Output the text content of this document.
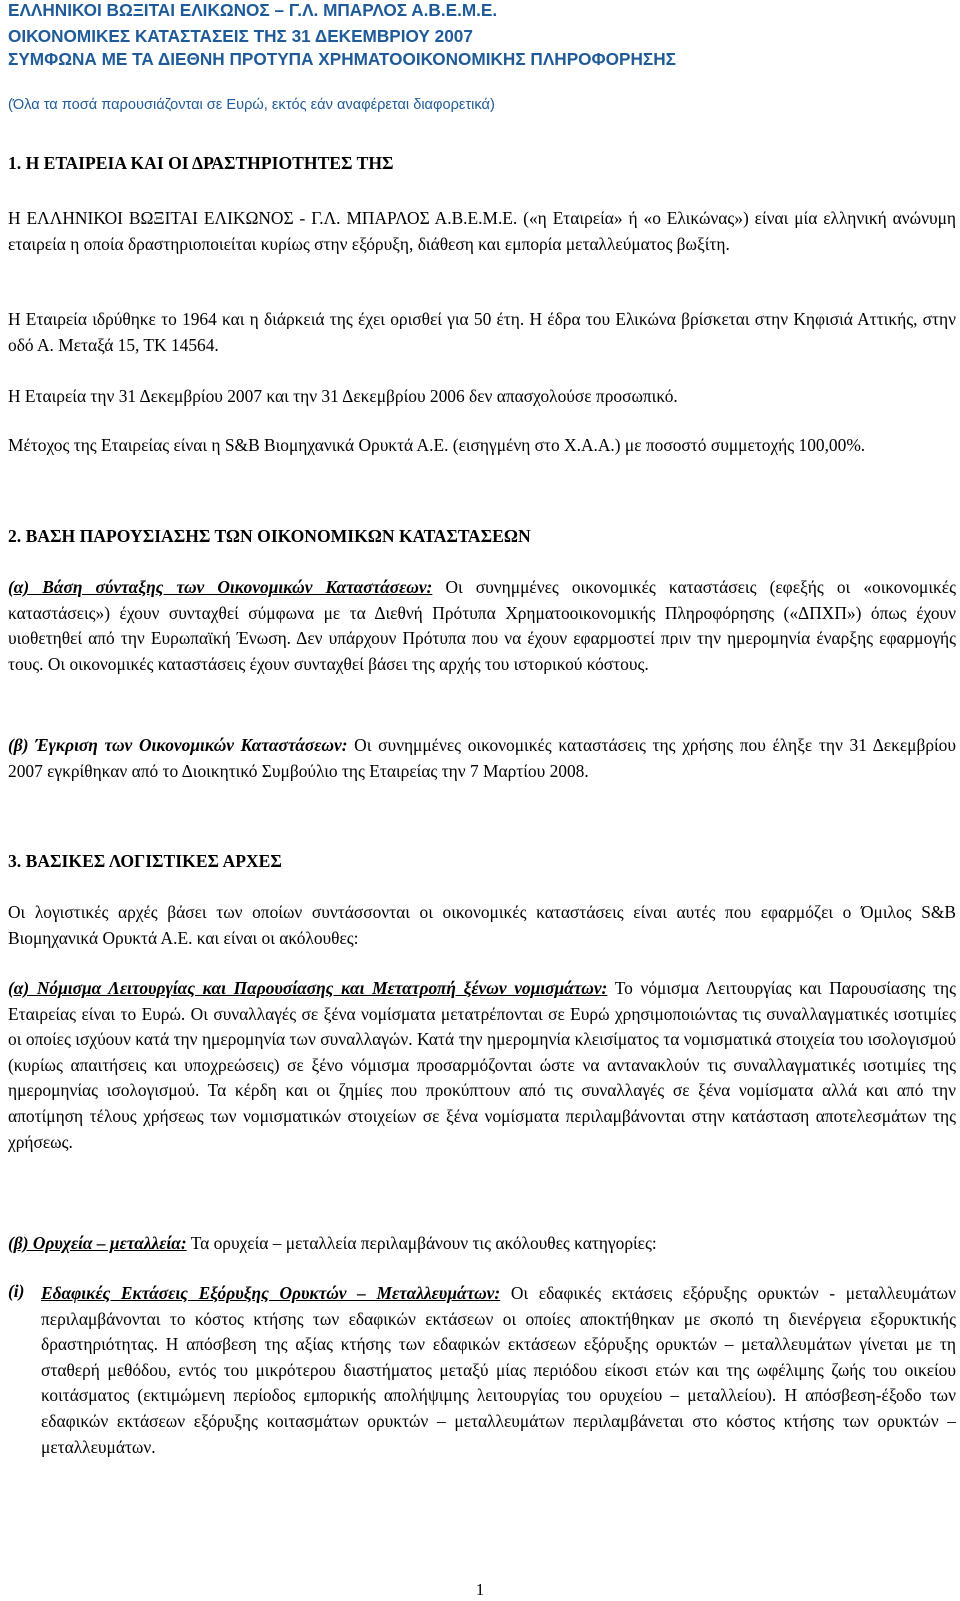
ΕΛΛΗΝΙΚΟΙ ΒΩΞΙΤΑΙ ΕΛΙΚΩΝΟΣ – Γ.Λ. ΜΠΑΡΛΟΣ Α.Β.Ε.Μ.Ε.
ΟΙΚΟΝΟΜΙΚΕΣ ΚΑΤΑΣΤΑΣΕΙΣ ΤΗΣ 31 ΔΕΚΕΜΒΡΙΟΥ 2007
ΣΥΜΦΩΝΑ ΜΕ ΤΑ ΔΙΕΘΝΗ ΠΡΟΤΥΠΑ ΧΡΗΜΑΤΟΟΙΚΟΝΟΜΙΚΗΣ ΠΛΗΡΟΦΟΡΗΣΗΣ
(Όλα τα ποσά παρουσιάζονται σε Ευρώ, εκτός εάν αναφέρεται διαφορετικά)
1. Η ΕΤΑΙΡΕΙΑ ΚΑΙ ΟΙ ΔΡΑΣΤΗΡΙΟΤΗΤΕΣ ΤΗΣ
Η ΕΛΛΗΝΙΚΟΙ ΒΩΞΙΤΑΙ ΕΛΙΚΩΝΟΣ - Γ.Λ. ΜΠΑΡΛΟΣ Α.Β.Ε.Μ.Ε. («η Εταιρεία» ή «ο Ελικώνας») είναι μία ελληνική ανώνυμη εταιρεία η οποία δραστηριοποιείται κυρίως στην εξόρυξη, διάθεση και εμπορία μεταλλεύματος βωξίτη.
Η Εταιρεία ιδρύθηκε το 1964 και η διάρκειά της έχει ορισθεί για 50 έτη. Η έδρα του Ελικώνα βρίσκεται στην Κηφισιά Αττικής, στην οδό Α. Μεταξά 15, ΤΚ 14564.
Η Εταιρεία την 31 Δεκεμβρίου 2007 και την 31 Δεκεμβρίου 2006 δεν απασχολούσε προσωπικό.
Μέτοχος της Εταιρείας είναι η S&B Βιομηχανικά Ορυκτά Α.Ε. (εισηγμένη στο Χ.Α.Α.) με ποσοστό συμμετοχής 100,00%.
2. ΒΑΣΗ ΠΑΡΟΥΣΙΑΣΗΣ ΤΩΝ ΟΙΚΟΝΟΜΙΚΩΝ ΚΑΤΑΣΤΑΣΕΩΝ
(α) Βάση σύνταξης των Οικονομικών Καταστάσεων: Οι συνημμένες οικονομικές καταστάσεις (εφεξής οι «οικονομικές καταστάσεις») έχουν συνταχθεί σύμφωνα με τα Διεθνή Πρότυπα Χρηματοοικονομικής Πληροφόρησης («ΔΠΧΠ») όπως έχουν υιοθετηθεί από την Ευρωπαϊκή Ένωση. Δεν υπάρχουν Πρότυπα που να έχουν εφαρμοστεί πριν την ημερομηνία έναρξης εφαρμογής τους. Οι οικονομικές καταστάσεις έχουν συνταχθεί βάσει της αρχής του ιστορικού κόστους.
(β) Έγκριση των Οικονομικών Καταστάσεων: Οι συνημμένες οικονομικές καταστάσεις της χρήσης που έληξε την 31 Δεκεμβρίου 2007 εγκρίθηκαν από το Διοικητικό Συμβούλιο της Εταιρείας την 7 Μαρτίου 2008.
3. ΒΑΣΙΚΕΣ ΛΟΓΙΣΤΙΚΕΣ ΑΡΧΕΣ
Οι λογιστικές αρχές βάσει των οποίων συντάσσονται οι οικονομικές καταστάσεις είναι αυτές που εφαρμόζει ο Όμιλος S&B Βιομηχανικά Ορυκτά Α.Ε. και είναι οι ακόλουθες:
(α) Νόμισμα Λειτουργίας και Παρουσίασης και Μετατροπή ξένων νομισμάτων: Το νόμισμα Λειτουργίας και Παρουσίασης της Εταιρείας είναι το Ευρώ. Οι συναλλαγές σε ξένα νομίσματα μετατρέπονται σε Ευρώ χρησιμοποιώντας τις συναλλαγματικές ισοτιμίες οι οποίες ισχύουν κατά την ημερομηνία των συναλλαγών. Κατά την ημερομηνία κλεισίματος τα νομισματικά στοιχεία του ισολογισμού (κυρίως απαιτήσεις και υποχρεώσεις) σε ξένο νόμισμα προσαρμόζονται ώστε να αντανακλούν τις συναλλαγματικές ισοτιμίες της ημερομηνίας ισολογισμού. Τα κέρδη και οι ζημίες που προκύπτουν από τις συναλλαγές σε ξένα νομίσματα αλλά και από την αποτίμηση τέλους χρήσεως των νομισματικών στοιχείων σε ξένα νομίσματα περιλαμβάνονται στην κατάσταση αποτελεσμάτων της χρήσεως.
(β) Ορυχεία – μεταλλεία: Τα ορυχεία – μεταλλεία περιλαμβάνουν τις ακόλουθες κατηγορίες:
(i) Εδαφικές Εκτάσεις Εξόρυξης Ορυκτών – Μεταλλευμάτων: Οι εδαφικές εκτάσεις εξόρυξης ορυκτών - μεταλλευμάτων περιλαμβάνονται το κόστος κτήσης των εδαφικών εκτάσεων οι οποίες αποκτήθηκαν με σκοπό τη διενέργεια εξορυκτικής δραστηριότητας. Η απόσβεση της αξίας κτήσης των εδαφικών εκτάσεων εξόρυξης ορυκτών – μεταλλευμάτων γίνεται με τη σταθερή μεθόδου, εντός του μικρότερου διαστήματος μεταξύ μίας περιόδου είκοσι ετών και της ωφέλιμης ζωής του οικείου κοιτάσματος (εκτιμώμενη περίοδος εμπορικής απολήψιμης λειτουργίας του ορυχείου – μεταλλείου). Η απόσβεση-έξοδο των εδαφικών εκτάσεων εξόρυξης κοιτασμάτων ορυκτών – μεταλλευμάτων περιλαμβάνεται στο κόστος κτήσης των ορυκτών – μεταλλευμάτων.
1
